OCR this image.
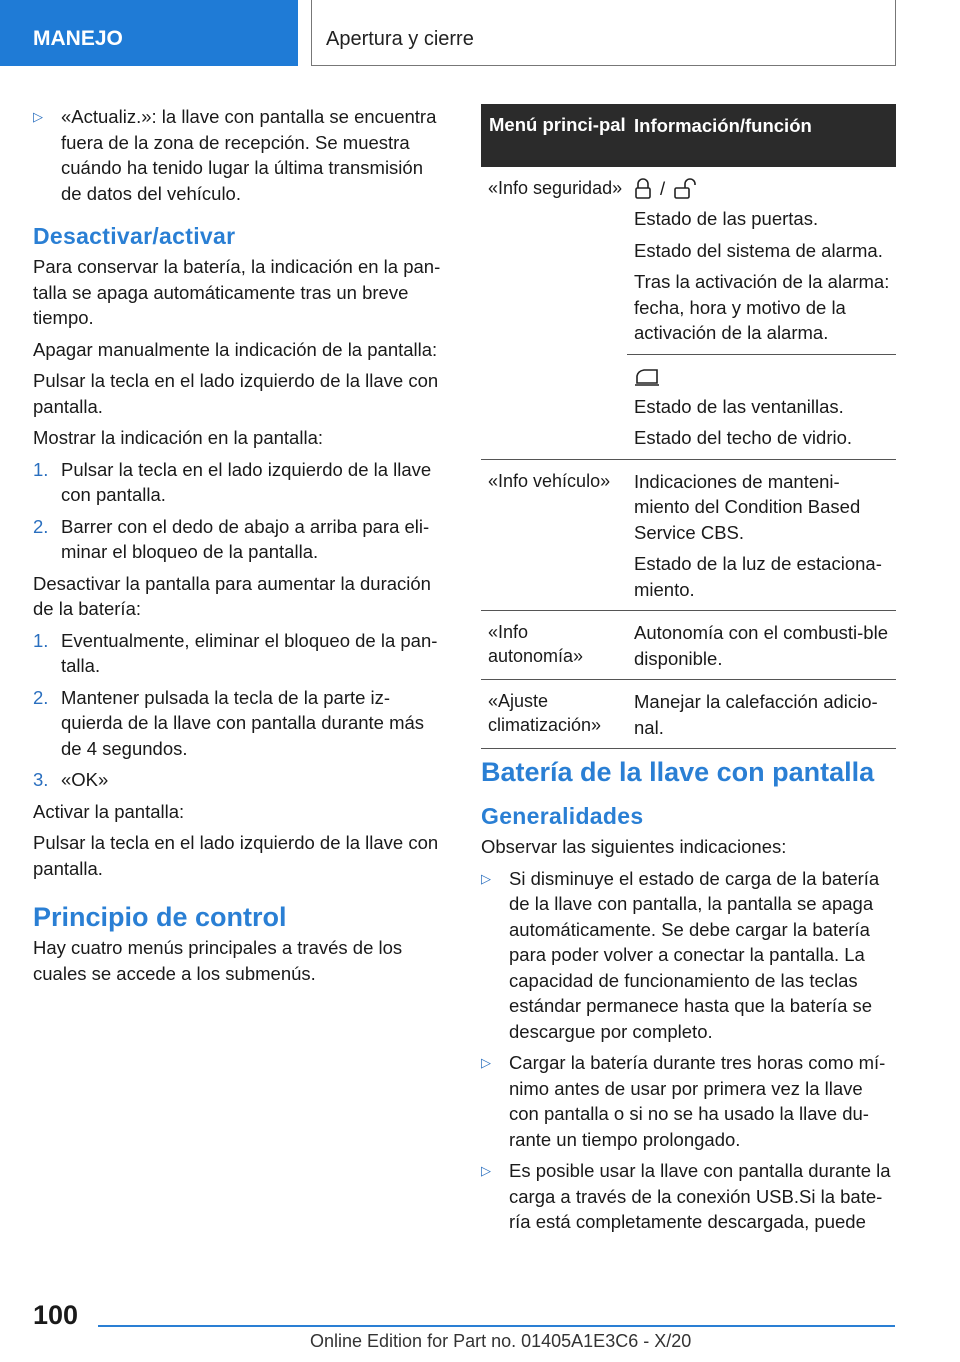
MANEJO	Apertura y cierre
▷ «Actualiz.»: la llave con pantalla se encuentra fuera de la zona de recepción. Se muestra cuándo ha tenido lugar la última transmisión de datos del vehículo.
Desactivar/activar
Para conservar la batería, la indicación en la pan‐talla se apaga automáticamente tras un breve tiempo.
Apagar manualmente la indicación de la pantalla:
Pulsar la tecla en el lado izquierdo de la llave con pantalla.
Mostrar la indicación en la pantalla:
1. Pulsar la tecla en el lado izquierdo de la llave con pantalla.
2. Barrer con el dedo de abajo a arriba para eli‐minar el bloqueo de la pantalla.
Desactivar la pantalla para aumentar la duración de la batería:
1. Eventualmente, eliminar el bloqueo de la pan‐talla.
2. Mantener pulsada la tecla de la parte iz‐quierda de la llave con pantalla durante más de 4 segundos.
3. «OK»
Activar la pantalla:
Pulsar la tecla en el lado izquierdo de la llave con pantalla.
Principio de control
Hay cuatro menús principales a través de los cuales se accede a los submenús.
Menú princi‐pal Información/función
«Info seguridad» /
Estado de las puertas.
Estado del sistema de alarma.
Tras la activación de la alarma: fecha, hora y motivo de la activación de la alarma.
Estado de las ventanillas.
Estado del techo de vidrio.
«Info vehículo»	Indicaciones de manteni‐miento del Condition Based Service CBS.
Estado de la luz de estaciona‐miento.
«Info autonomía»
Autonomía con el combusti‐ble disponible.
«Ajuste climatización»
Manejar la calefacción adicio‐nal.
Batería de la llave con pantalla
Generalidades
Observar las siguientes indicaciones:
▷ Si disminuye el estado de carga de la batería de la llave con pantalla, la pantalla se apaga automáticamente. Se debe cargar la batería para poder volver a conectar la pantalla. La capacidad de funcionamiento de las teclas estándar permanece hasta que la batería se descargue por completo.
▷ Cargar la batería durante tres horas como mí‐nimo antes de usar por primera vez la llave con pantalla o si no se ha usado la llave du‐rante un tiempo prolongado.
▷ Es posible usar la llave con pantalla durante la carga a través de la conexión USB.Si la bate‐ría está completamente descargada, puede
100
Online Edition for Part no. 01405A1E3C6 - X/20
